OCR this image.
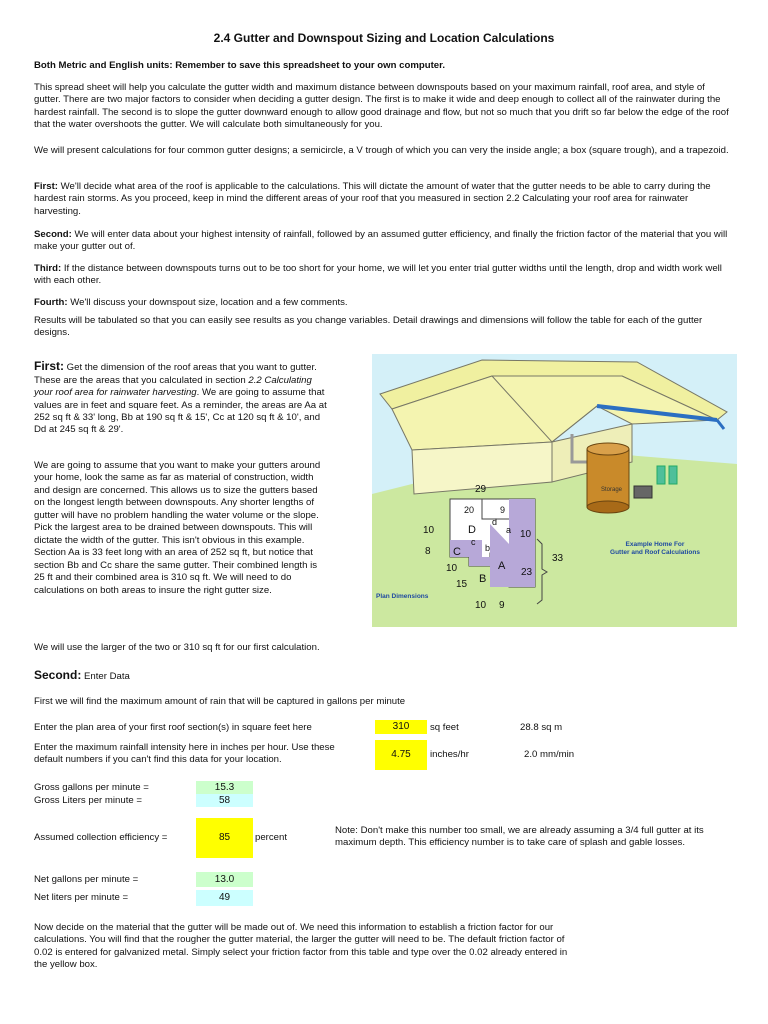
2.4 Gutter and Downspout Sizing and Location Calculations
Both Metric and English units: Remember to save this spreadsheet to your own computer.
This spread sheet will help you calculate the gutter width and maximum distance between downspouts based on your maximum rainfall, roof area, and style of gutter. There are two major factors to consider when deciding a gutter design. The first is to make it wide and deep enough to collect all of the rainwater during the hardest rainfall. The second is to slope the gutter downward enough to allow good drainage and flow, but not so much that you drift so far below the edge of the roof that the water overshoots the gutter. We will calculate both simultaneously for you.
We will present calculations for four common gutter designs; a semicircle, a V trough of which you can very the inside angle; a box (square trough), and a trapezoid.
First: We'll decide what area of the roof is applicable to the calculations. This will dictate the amount of water that the gutter needs to be able to carry during the hardest rain storms. As you proceed, keep in mind the different areas of your roof that you measured in section 2.2 Calculating your roof area for rainwater harvesting.
Second: We will enter data about your highest intensity of rainfall, followed by an assumed gutter efficiency, and finally the friction factor of the material that you will make your gutter out of.
Third: If the distance between downspouts turns out to be too short for your home, we will let you enter trial gutter widths until the length, drop and width work well with each other.
Fourth: We'll discuss your downspout size, location and a few comments.
Results will be tabulated so that you can easily see results as you change variables. Detail drawings and dimensions will follow the table for each of the gutter designs.
First: Get the dimension of the roof areas that you want to gutter. These are the areas that you calculated in section 2.2 Calculating your roof area for rainwater harvesting. We are going to assume that values are in feet and square feet. As a reminder, the areas are Aa at 252 sq ft & 33' long, Bb at 190 sq ft & 15', Cc at 120 sq ft & 10', and Dd at 245 sq ft & 29'.
We are going to assume that you want to make your gutters around your home, look the same as far as material of construction, width and design are concerned. This allows us to size the gutters based on the longest length between downspouts. Any shorter lengths of gutter will have no problem handling the water volume or the slope. Pick the largest area to be drained between downspouts. This will dictate the width of the gutter. This isn't obvious in this example. Section Aa is 33 feet long with an area of 252 sq ft, but notice that section Bb and Cc share the same gutter. Their combined length is 25 ft and their combined area is 310 sq ft. We will need to do calculations on both areas to insure the right gutter size.
We will use the larger of the two or 310 sq ft for our first calculation.
Storage
Example Home For
Gutter and Roof Calculations
Plan Dimensions
29
20	9
10
8
10
15
10
23
33
10 9
D
d
C
c
B
b
A
a
Second: Enter Data
First we will find the maximum amount of rain that will be captured in gallons per minute
Enter the plan area of your first roof section(s) in square feet here	310	sq feet	28.8 sq m
Enter the maximum rainfall intensity here in inches per hour. Use these default numbers if you can't find this data for your location.	4.75	inches/hr	2.0 mm/min
Gross gallons per minute =	15.3
Gross Liters per minute =	58
Assumed collection efficiency =	85	percent
Note: Don't make this number too small, we are already assuming a 3/4 full gutter at its maximum depth. This efficiency number is to take care of splash and gable losses.
Net gallons per minute =	13.0
Net liters per minute =	49
Now decide on the material that the gutter will be made out of. We need this information to establish a friction factor for our calculations. You will find that the rougher the gutter material, the larger the gutter will need to be. The default friction factor of 0.02 is entered for galvanized metal. Simply select your friction factor from this table and type over the 0.02 already entered in the yellow box.
